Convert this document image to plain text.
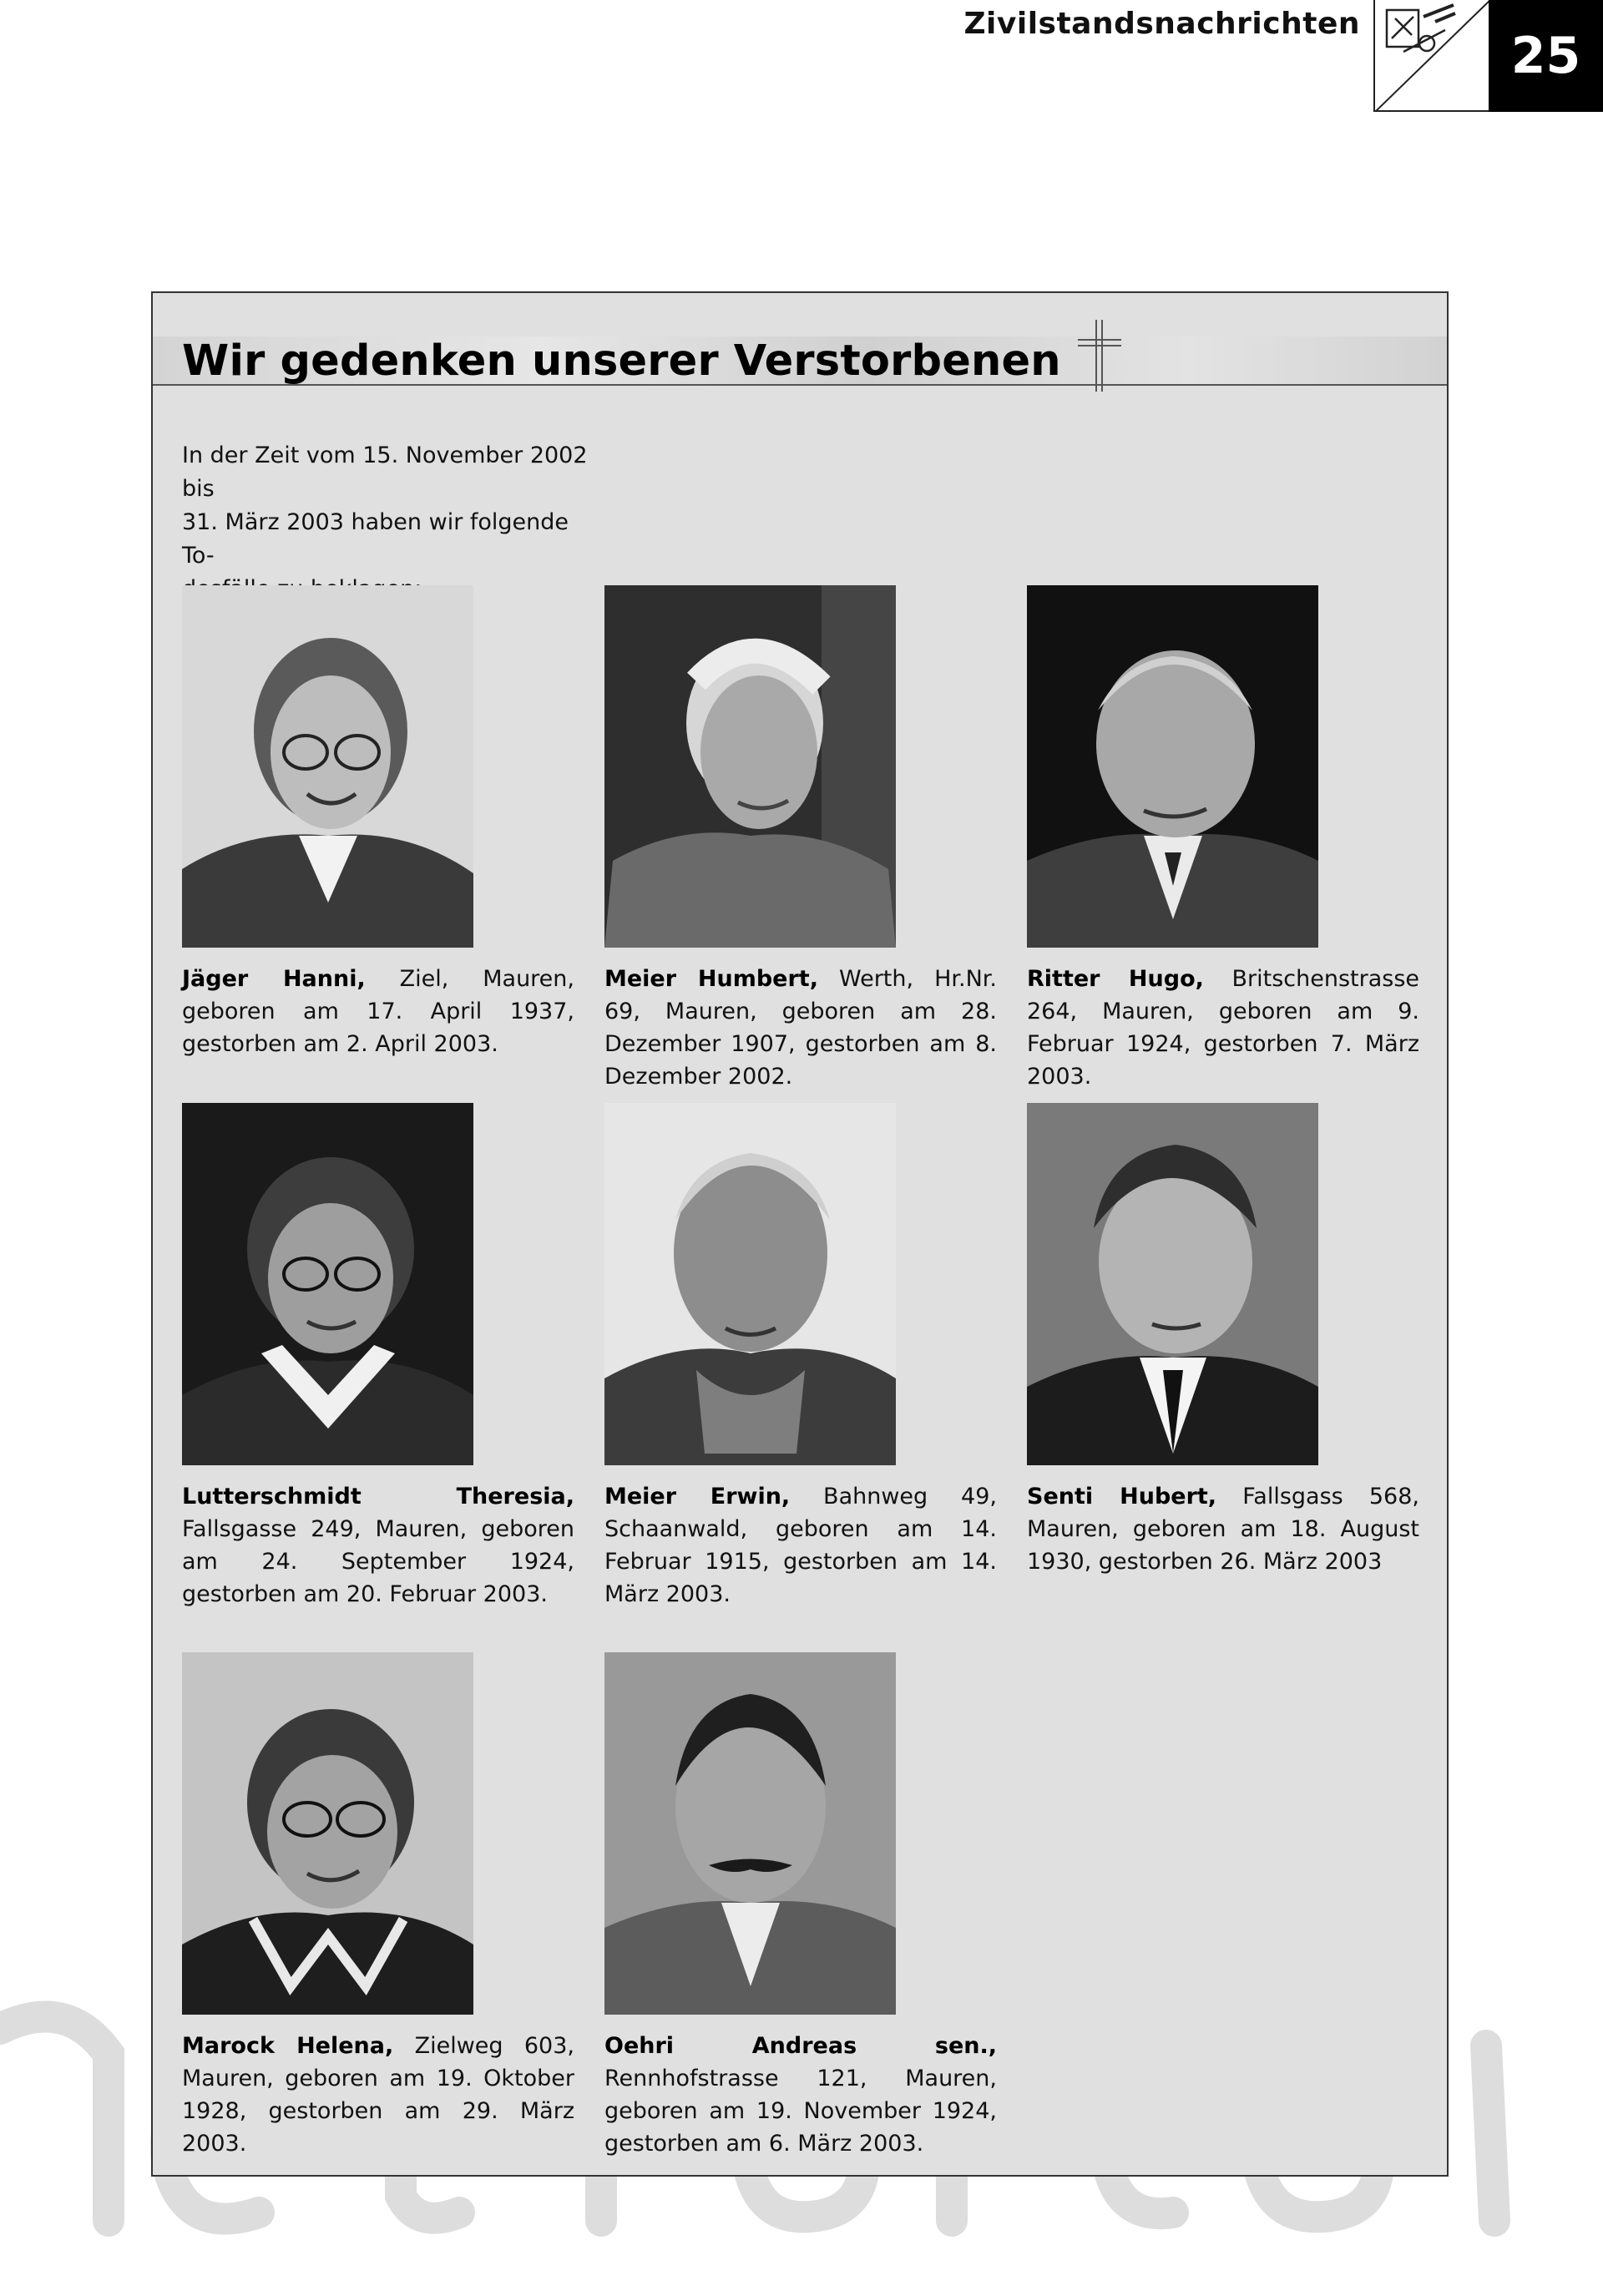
Zivilstandsnachrichten
25
Wir gedenken unserer Verstorbenen
In der Zeit vom 15. November 2002 bis
31. März 2003 haben wir folgende To-

Jäger Hanni, Ziel, Mauren, geboren am 17. April 1937, gestorben am 2. April 2003.
Meier Humbert, Werth, Hr.Nr. 69, Mauren, geboren am 28. Dezember 1907, gestorben am 8. Dezember 2002.
Ritter Hugo, Britschenstrasse 264, Mauren, geboren am 9. Februar 1924, gestorben 7. März 2003.
Lutterschmidt Theresia, Fallsgasse 249, Mauren, geboren am 24. September 1924, gestorben am 20. Februar 2003.
Meier Erwin, Bahnweg 49, Schaanwald, geboren am 14. Februar 1915, gestorben am 14. März 2003.
Senti Hubert, Fallsgass 568, Mauren, geboren am 18. August 1930, gestorben 26. März 2003
Marock Helena, Zielweg 603, Mauren, geboren am 19. Oktober 1928, gestorben am 29. März 2003.
Oehri Andreas sen., Rennhofstrasse 121, Mauren, geboren am 19. November 1924, gestorben am 6. März 2003.
